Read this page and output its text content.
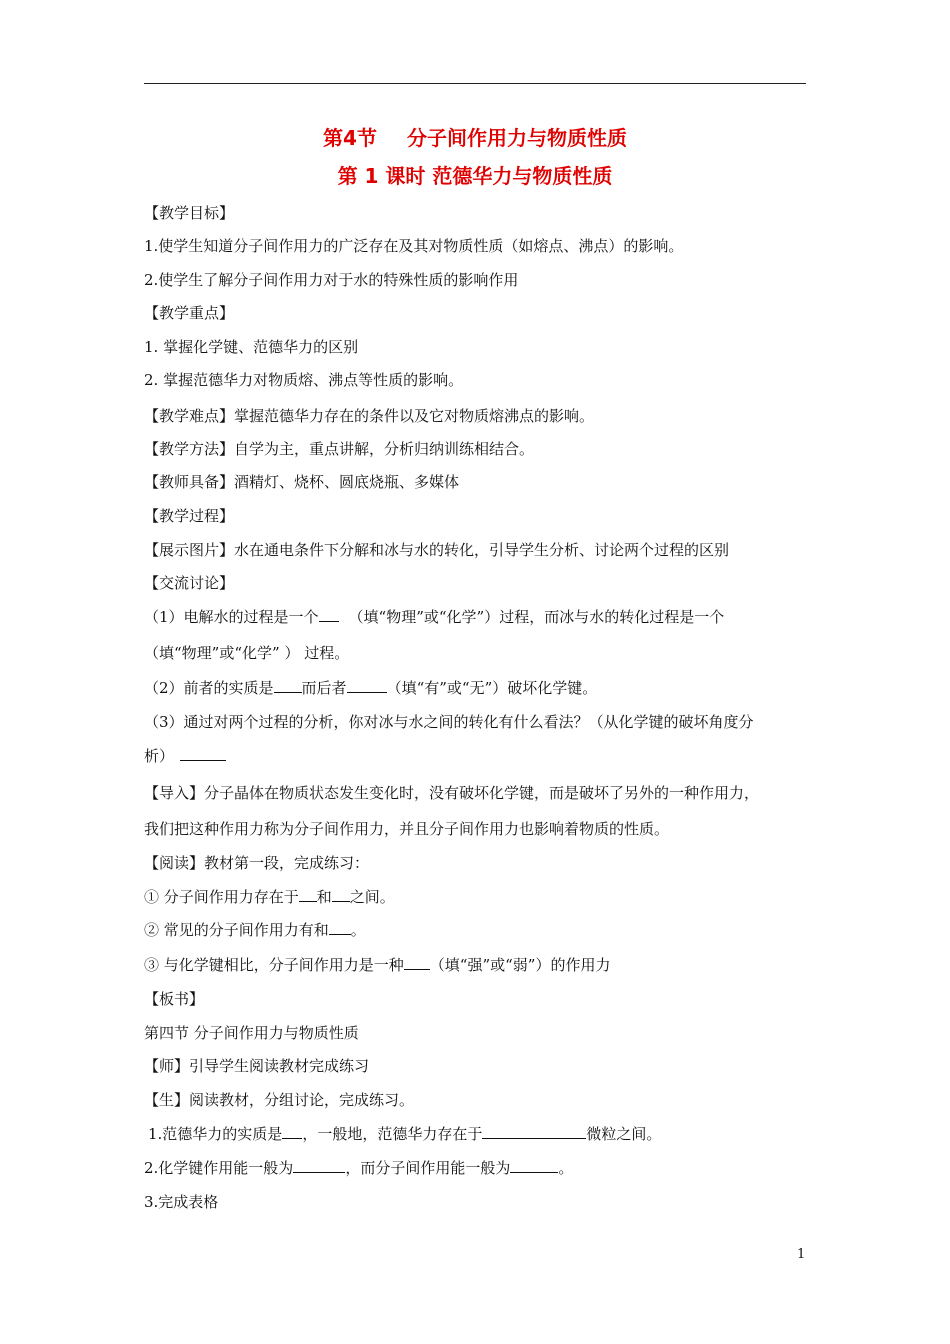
第4节 分子间作用力与物质性质
第 1 课时 范德华力与物质性质
【教学目标】
1.使学生知道分子间作用力的广泛存在及其对物质性质（如熔点、沸点）的影响。
2.使学生了解分子间作用力对于水的特殊性质的影响作用
【教学重点】
1. 掌握化学键、范德华力的区别
2. 掌握范德华力对物质熔、沸点等性质的影响。
【教学难点】掌握范德华力存在的条件以及它对物质熔沸点的影响。
【教学方法】自学为主，重点讲解，分析归纳训练相结合。
【教师具备】酒精灯、烧杯、圆底烧瓶、多媒体
【教学过程】
【展示图片】水在通电条件下分解和冰与水的转化，引导学生分析、讨论两个过程的区别
【交流讨论】
（1）电解水的过程是一个 （填“物理”或“化学”）过程，而冰与水的转化过程是一个
（填“物理”或“化学” ） 过程。
（2）前者的实质是 而后者	（填“有”或“无”）破坏化学键。
（3）通过对两个过程的分析，你对冰与水之间的转化有什么看法？（从化学键的破坏角度分
析）
【导入】分子晶体在物质状态发生变化时，没有破坏化学键，而是破坏了另外的一种作用力，
我们把这种作用力称为分子间作用力，并且分子间作用力也影响着物质的性质。
【阅读】教材第一段，完成练习：
① 分子间作用力存在于 和 之间。
② 常见的分子间作用力有和 。
③ 与化学键相比，分子间作用力是一种 （填“强”或“弱”）的作用力
【板书】
第四节 分子间作用力与物质性质
【师】引导学生阅读教材完成练习
【生】阅读教材，分组讨论，完成练习。
1.范德华力的实质是 ，一般地，范德华力存在于	微粒之间。
2.化学键作用能一般为	，而分子间作用能一般为	。
3.完成表格
1
